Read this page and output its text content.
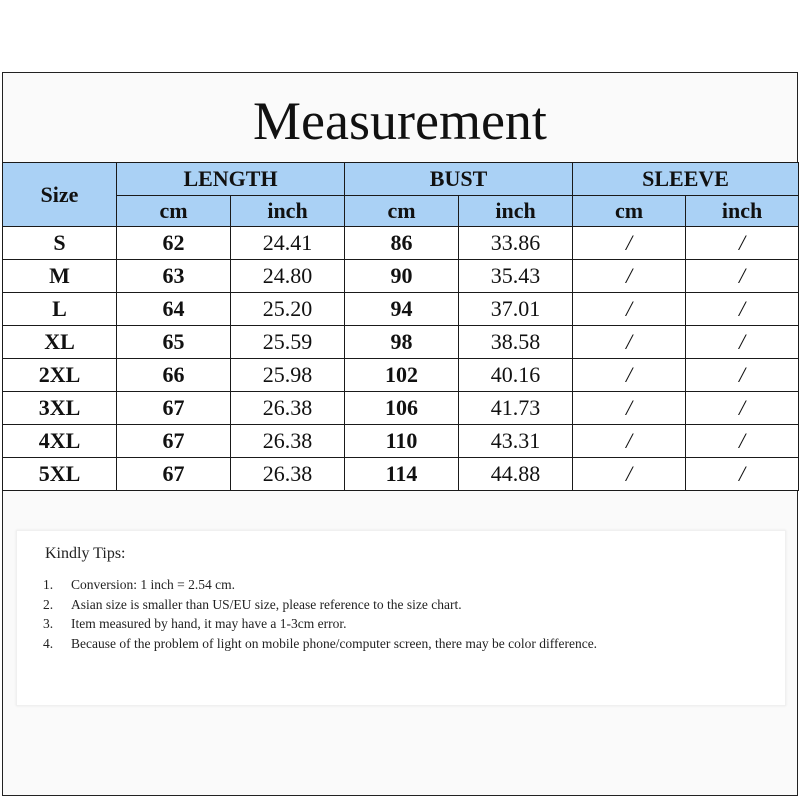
Measurement
Size	LENGTH		BUST		SLEEVE	
	cm	inch	cm	inch	cm	inch
S	62	24.41	86	33.86	/	/
M	63	24.80	90	35.43	/	/
L	64	25.20	94	37.01	/	/
XL	65	25.59	98	38.58	/	/
2XL	66	25.98	102	40.16	/	/
3XL	67	26.38	106	41.73	/	/
4XL	67	26.38	110	43.31	/	/
5XL	67	26.38	114	44.88	/	/
Kindly Tips:
1.	Conversion: 1 inch = 2.54 cm.
2.	Asian size is smaller than US/EU size, please reference to the size chart.
3.	Item measured by hand, it may have a 1-3cm error.
4.	Because of the problem of light on mobile phone/computer screen, there may be color difference.
